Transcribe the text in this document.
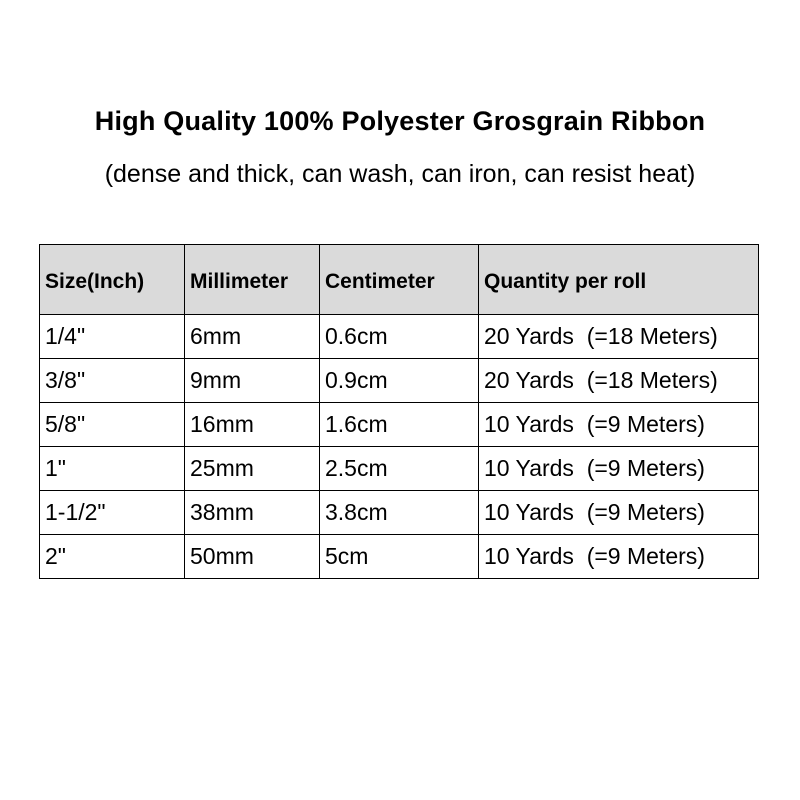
High Quality 100% Polyester Grosgrain Ribbon
(dense and thick, can wash, can iron, can resist heat)
Size(Inch)	Millimeter	Centimeter	Quantity per roll
1/4"	6mm	0.6cm	20 Yards  (=18 Meters)
3/8"	9mm	0.9cm	20 Yards  (=18 Meters)
5/8"	16mm	1.6cm	10 Yards  (=9 Meters)
1"	25mm	2.5cm	10 Yards  (=9 Meters)
1-1/2"	38mm	3.8cm	10 Yards  (=9 Meters)
2"	50mm	5cm	10 Yards  (=9 Meters)
